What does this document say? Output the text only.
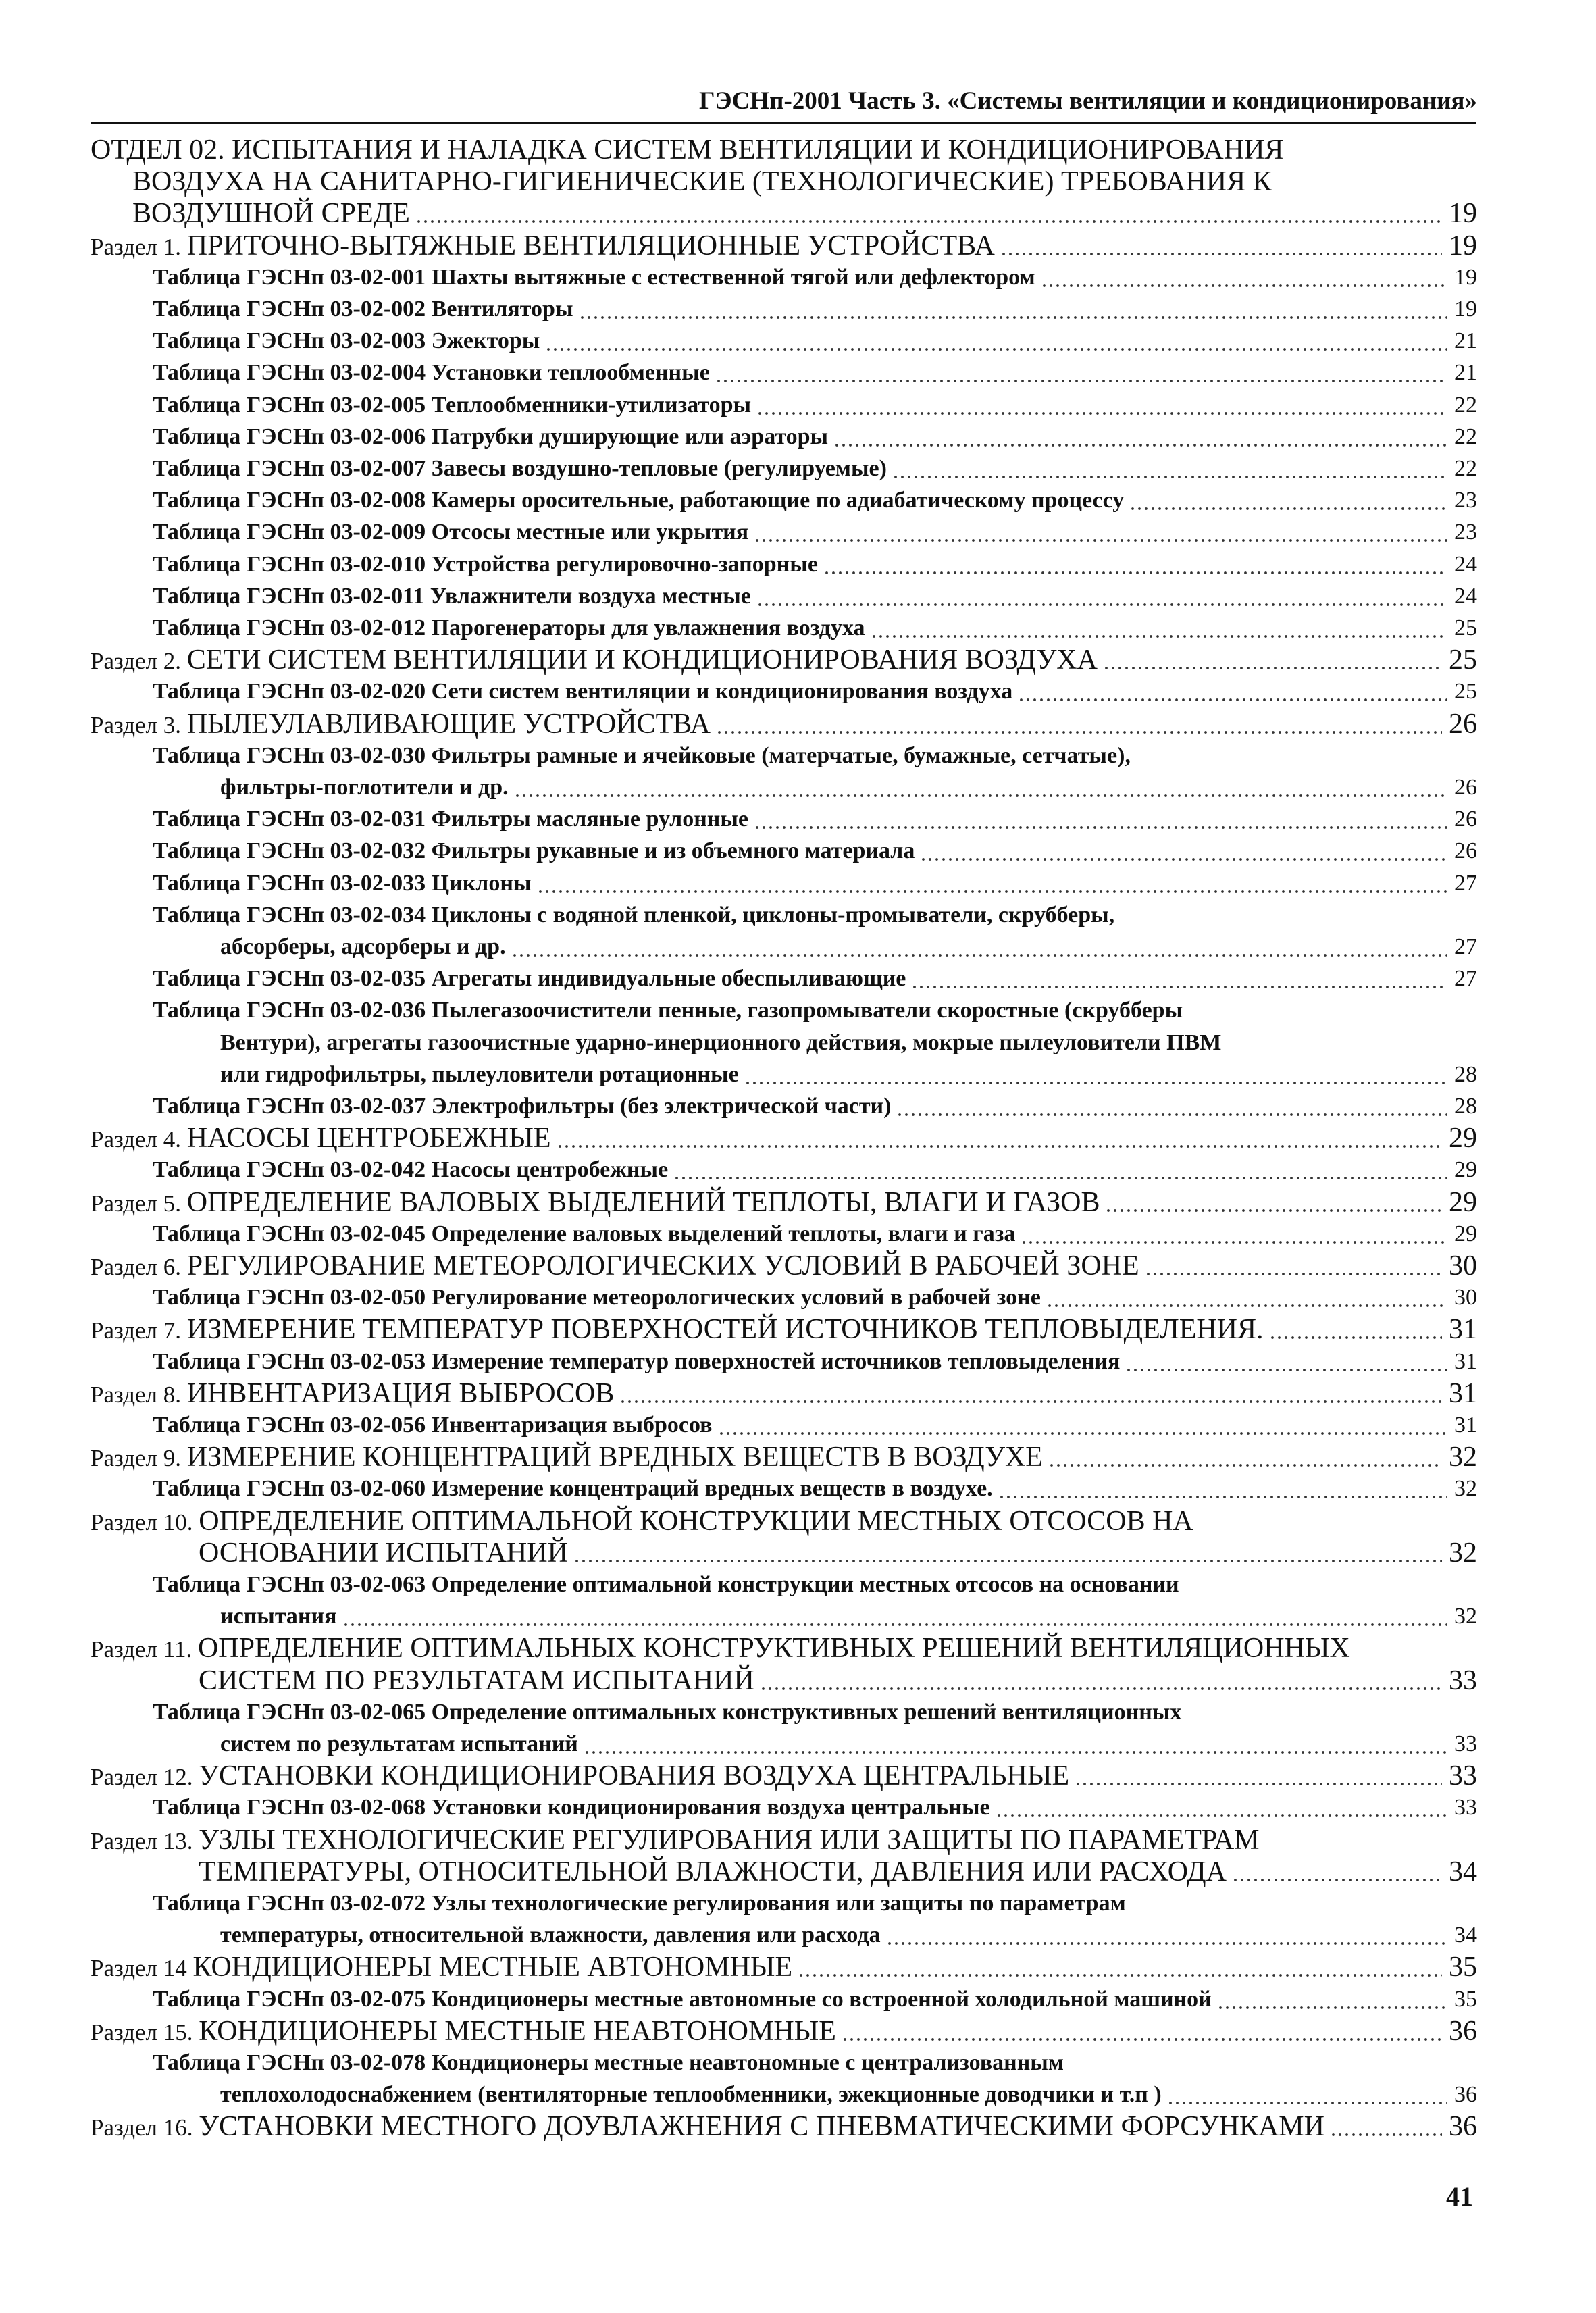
ГЭСНп-2001 Часть 3. «Системы вентиляции и кондиционирования»
ОТДЕЛ 02. ИСПЫТАНИЯ И НАЛАДКА СИСТЕМ ВЕНТИЛЯЦИИ И КОНДИЦИОНИРОВАНИЯ
ВОЗДУХА НА САНИТАРНО-ГИГИЕНИЧЕСКИЕ (ТЕХНОЛОГИЧЕСКИЕ) ТРЕБОВАНИЯ К
ВОЗДУШНОЙ СРЕДЕ	19
Раздел 1. ПРИТОЧНО-ВЫТЯЖНЫЕ ВЕНТИЛЯЦИОННЫЕ УСТРОЙСТВА	19
Таблица ГЭСНп 03-02-001 Шахты вытяжные с естественной тягой или дефлектором	19
Таблица ГЭСНп 03-02-002 Вентиляторы	19
Таблица ГЭСНп 03-02-003 Эжекторы	21
Таблица ГЭСНп 03-02-004 Установки теплообменные	21
Таблица ГЭСНп 03-02-005 Теплообменники-утилизаторы	22
Таблица ГЭСНп 03-02-006 Патрубки душирующие или аэраторы	22
Таблица ГЭСНп 03-02-007 Завесы воздушно-тепловые (регулируемые)	22
Таблица ГЭСНп 03-02-008 Камеры оросительные, работающие по адиабатическому процессу	23
Таблица ГЭСНп 03-02-009 Отсосы местные или укрытия	23
Таблица ГЭСНп 03-02-010 Устройства регулировочно-запорные	24
Таблица ГЭСНп 03-02-011 Увлажнители воздуха местные	24
Таблица ГЭСНп 03-02-012 Парогенераторы для увлажнения воздуха	25
Раздел 2. СЕТИ СИСТЕМ ВЕНТИЛЯЦИИ И КОНДИЦИОНИРОВАНИЯ ВОЗДУХА	25
Таблица ГЭСНп 03-02-020 Сети систем вентиляции и кондиционирования воздуха	25
Раздел 3. ПЫЛЕУЛАВЛИВАЮЩИЕ УСТРОЙСТВА	26
Таблица ГЭСНп 03-02-030 Фильтры рамные и ячейковые (матерчатые, бумажные, сетчатые),
фильтры-поглотители и др.	26
Таблица ГЭСНп 03-02-031 Фильтры масляные рулонные	26
Таблица ГЭСНп 03-02-032 Фильтры рукавные и из объемного материала	26
Таблица ГЭСНп 03-02-033 Циклоны	27
Таблица ГЭСНп 03-02-034 Циклоны с водяной пленкой, циклоны-промыватели, скрубберы,
абсорберы, адсорберы и др.	27
Таблица ГЭСНп 03-02-035 Агрегаты индивидуальные обеспыливающие	27
Таблица ГЭСНп 03-02-036 Пылегазоочистители пенные, газопромыватели скоростные (скрубберы
Вентури), агрегаты газоочистные ударно-инерционного действия, мокрые пылеуловители ПВМ
или гидрофильтры, пылеуловители ротационные	28
Таблица ГЭСНп 03-02-037 Электрофильтры (без электрической части)	28
Раздел 4. НАСОСЫ ЦЕНТРОБЕЖНЫЕ	29
Таблица ГЭСНп 03-02-042 Насосы центробежные	29
Раздел 5. ОПРЕДЕЛЕНИЕ ВАЛОВЫХ ВЫДЕЛЕНИЙ ТЕПЛОТЫ, ВЛАГИ И ГАЗОВ	29
Таблица ГЭСНп 03-02-045 Определение валовых выделений теплоты, влаги и газа	29
Раздел 6. РЕГУЛИРОВАНИЕ МЕТЕОРОЛОГИЧЕСКИХ УСЛОВИЙ В РАБОЧЕЙ ЗОНЕ	30
Таблица ГЭСНп 03-02-050 Регулирование метеорологических условий в рабочей зоне	30
Раздел 7. ИЗМЕРЕНИЕ ТЕМПЕРАТУР ПОВЕРХНОСТЕЙ ИСТОЧНИКОВ ТЕПЛОВЫДЕЛЕНИЯ.	31
Таблица ГЭСНп 03-02-053 Измерение температур поверхностей источников тепловыделения	31
Раздел 8. ИНВЕНТАРИЗАЦИЯ ВЫБРОСОВ	31
Таблица ГЭСНп 03-02-056 Инвентаризация выбросов	31
Раздел 9. ИЗМЕРЕНИЕ КОНЦЕНТРАЦИЙ ВРЕДНЫХ ВЕЩЕСТВ В ВОЗДУХЕ	32
Таблица ГЭСНп 03-02-060 Измерение концентраций вредных веществ в воздухе.	32
Раздел 10. ОПРЕДЕЛЕНИЕ ОПТИМАЛЬНОЙ КОНСТРУКЦИИ МЕСТНЫХ ОТСОСОВ НА
ОСНОВАНИИ ИСПЫТАНИЙ	32
Таблица ГЭСНп 03-02-063 Определение оптимальной конструкции местных отсосов на основании
испытания	32
Раздел 11. ОПРЕДЕЛЕНИЕ ОПТИМАЛЬНЫХ КОНСТРУКТИВНЫХ РЕШЕНИЙ ВЕНТИЛЯЦИОННЫХ
СИСТЕМ ПО РЕЗУЛЬТАТАМ ИСПЫТАНИЙ	33
Таблица ГЭСНп 03-02-065 Определение оптимальных конструктивных решений вентиляционных
систем по результатам испытаний	33
Раздел 12. УСТАНОВКИ КОНДИЦИОНИРОВАНИЯ ВОЗДУХА ЦЕНТРАЛЬНЫЕ	33
Таблица ГЭСНп 03-02-068 Установки кондиционирования воздуха центральные	33
Раздел 13. УЗЛЫ ТЕХНОЛОГИЧЕСКИЕ РЕГУЛИРОВАНИЯ ИЛИ ЗАЩИТЫ ПО ПАРАМЕТРАМ
ТЕМПЕРАТУРЫ, ОТНОСИТЕЛЬНОЙ ВЛАЖНОСТИ, ДАВЛЕНИЯ ИЛИ РАСХОДА	34
Таблица ГЭСНп 03-02-072 Узлы технологические регулирования или защиты по параметрам
температуры, относительной влажности, давления или расхода	34
Раздел 14 КОНДИЦИОНЕРЫ МЕСТНЫЕ АВТОНОМНЫЕ	35
Таблица ГЭСНп 03-02-075 Кондиционеры местные автономные со встроенной холодильной машиной	35
Раздел 15. КОНДИЦИОНЕРЫ МЕСТНЫЕ НЕАВТОНОМНЫЕ	36
Таблица ГЭСНп 03-02-078 Кондиционеры местные неавтономные с централизованным
теплохолодоснабжением (вентиляторные теплообменники, эжекционные доводчики и т.п )	36
Раздел 16. УСТАНОВКИ МЕСТНОГО ДОУВЛАЖНЕНИЯ С ПНЕВМАТИЧЕСКИМИ ФОРСУНКАМИ	36
41
